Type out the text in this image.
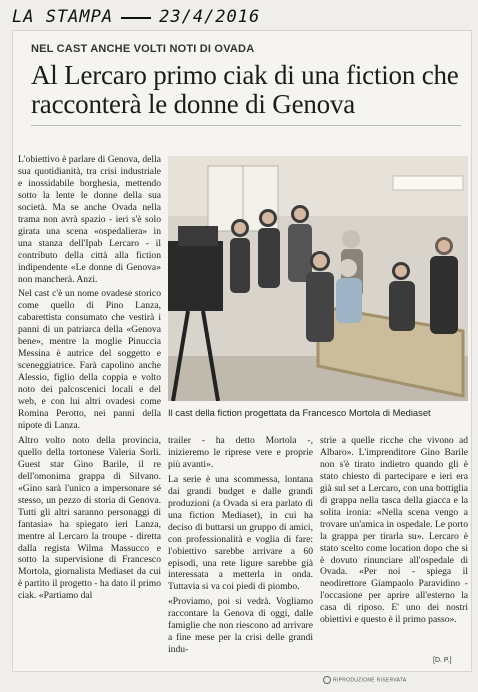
LA STAMPA	23/4/2016
NEL CAST ANCHE VOLTI NOTI DI OVADA
Al Lercaro primo ciak di una fiction che racconterà le donne di Genova

L'obiettivo è parlare di Genova, della sua quotidianità, tra crisi industriale e inossidabile borghesia, mettendo sotto la lente le donne della sua società. Ma se anche Ovada nella trama non avrà spazio - ieri s'è solo girata una scena «ospedaliera» in una stanza dell'Ipab Lercaro - il contributo della città alla fiction indipendente «Le donne di Genova» non mancherà. Anzi.

Nel cast c'è un nome ovadese storico come quello di Pino Lanza, cabarettista consumato che vestirà i panni di un patriarca della «Genova bene», mentre la moglie Pinuccia Messina è autrice del soggetto e sceneggiatrice. Farà capolino anche Alessio, figlio della coppia e volto noto dei palcoscenici locali e del web, e con lui altri ovadesi come Romina Perotto, nei panni della nipote di Lanza.

Altro volto noto della provincia, quello della tortonese Valeria Sorli. Guest star Gino Barile, il re dell'omonima grappa di Silvano. «Gino sarà l'unico a impersonare sé stesso, un pezzo di storia di Genova. Tutti gli altri saranno personaggi di fantasia» ha spiegato ieri Lanza, mentre al Lercaro la troupe - diretta dalla regista Wilma Massucco e sotto la supervisione di Francesco Mortola, giornalista Mediaset da cui è partito il progetto - ha dato il primo ciak. «Partiamo dal

Il cast della fiction progettata da Francesco Mortola di Mediaset

trailer - ha detto Mortola -, inizieremo le riprese vere e proprie più avanti».

La serie è una scommessa, lontana dai grandi budget e dalle grandi produzioni (a Ovada si era parlato di una fiction Mediaset), in cui ha deciso di buttarsi un gruppo di amici, con professionalità e voglia di fare: l'obiettivo sarebbe arrivare a 60 episodi, una rete ligure sarebbe già interessata a metterla in onda. Tuttavia si va coi piedi di piombo.

«Proviamo, poi si vedrà. Vogliamo raccontare la Genova di oggi, dalle famiglie che non riescono ad arrivare a fine mese per la crisi delle grandi indu-

strie a quelle ricche che vivono ad Albaro». L'imprenditore Gino Barile non s'è tirato indietro quando gli è stato chiesto di partecipare e ieri era già sul set a Lercaro, con una bottiglia di grappa nella tasca della giacca e la solita ironia: «Nella scena vengo a trovare un'amica in ospedale. Le porto la grappa per tirarla su». Lercaro è stato scelto come location dopo che si è dovuto rinunciare all'ospedale di Ovada. «Per noi - spiega il neodirettore Giampaolo Paravidino - l'occasione per aprire all'esterno la casa di riposo. E' uno dei nostri obiettivi e questo è il primo passo».

[D. P.]
RIPRODUZIONE RISERVATA
